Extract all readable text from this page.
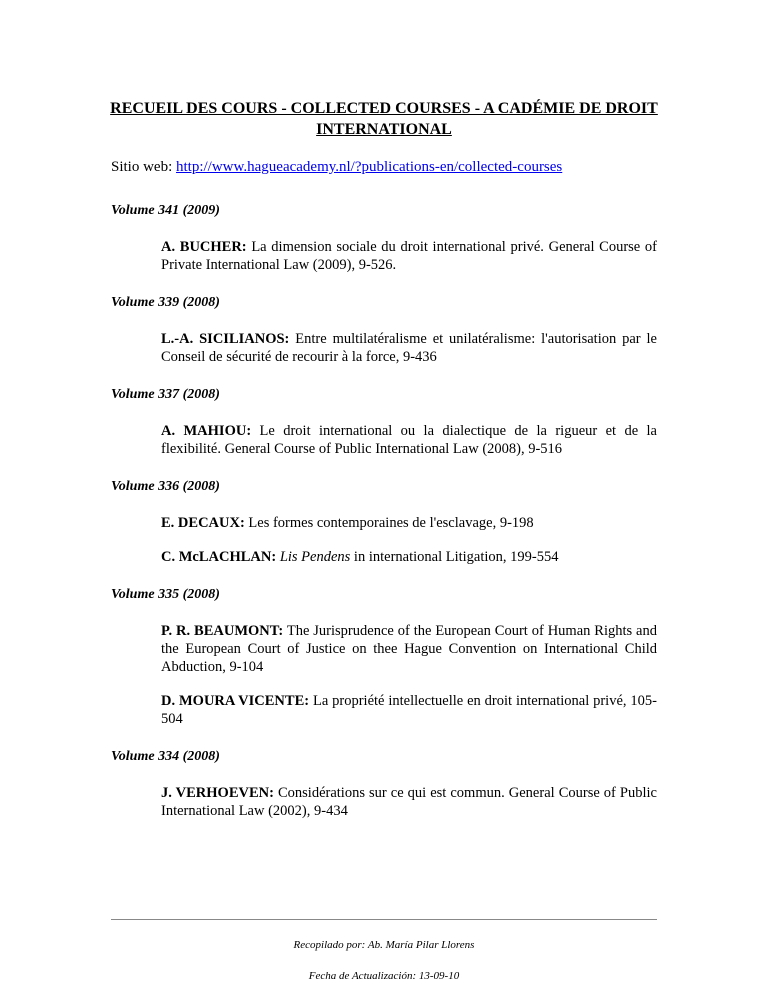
RECUEIL DES COURS - COLLECTED COURSES - A CADÉMIE DE DROIT INTERNATIONAL
Sitio web: http://www.hagueacademy.nl/?publications-en/collected-courses
Volume 341 (2009)
A. BUCHER: La dimension sociale du droit international privé. General Course of Private International Law (2009), 9-526.
Volume 339 (2008)
L.-A. SICILIANOS: Entre multilatéralisme et unilatéralisme: l'autorisation par le Conseil de sécurité de recourir à la force, 9-436
Volume 337 (2008)
A. MAHIOU: Le droit international ou la dialectique de la rigueur et de la flexibilité. General Course of Public International Law (2008), 9-516
Volume 336 (2008)
E. DECAUX: Les formes contemporaines de l'esclavage, 9-198
C. McLACHLAN: Lis Pendens in international Litigation, 199-554
Volume 335 (2008)
P. R. BEAUMONT: The Jurisprudence of the European Court of Human Rights and the European Court of Justice on thee Hague Convention on International Child Abduction, 9-104
D. MOURA VICENTE: La propriété intellectuelle en droit international privé, 105-504
Volume 334 (2008)
J. VERHOEVEN: Considérations sur ce qui est commun. General Course of Public International Law (2002), 9-434
Recopilado por: Ab. María Pilar Llorens
Fecha de Actualización: 13-09-10
